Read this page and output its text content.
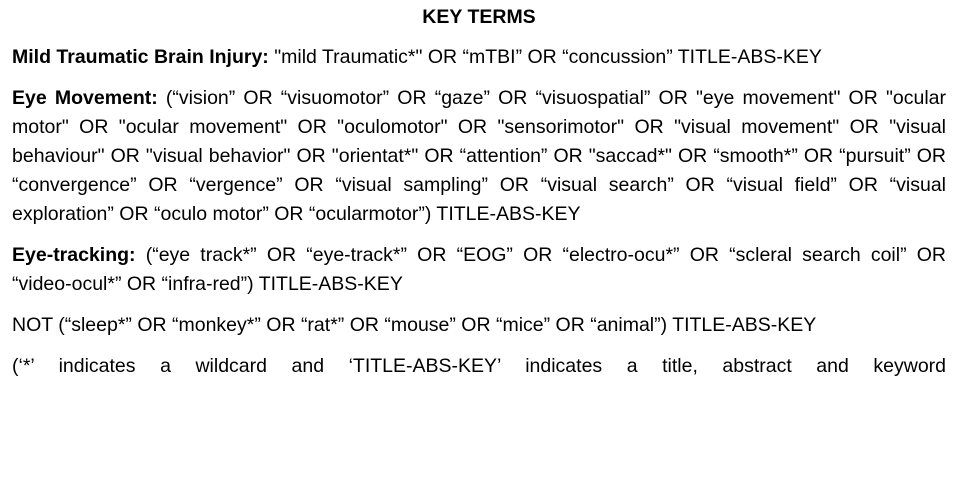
KEY TERMS

Mild Traumatic Brain Injury: "mild Traumatic*" OR “mTBI” OR “concussion” TITLE-ABS-KEY

Eye Movement: (“vision” OR “visuomotor” OR “gaze” OR “visuospatial” OR "eye movement" OR "ocular motor" OR "ocular movement" OR "oculomotor" OR "sensorimotor" OR "visual movement" OR "visual behaviour" OR "visual behavior" OR "orientat*" OR “attention” OR "saccad*" OR “smooth*” OR “pursuit” OR “convergence” OR “vergence” OR “visual sampling” OR “visual search” OR “visual field” OR “visual exploration” OR “oculo motor” OR “ocularmotor”) TITLE-ABS-KEY

Eye-tracking: (“eye track*” OR “eye-track*” OR “EOG” OR “electro-ocu*” OR “scleral search coil” OR “video-ocul*” OR “infra-red”) TITLE-ABS-KEY

NOT (“sleep*” OR “monkey*” OR “rat*” OR “mouse” OR “mice” OR “animal”) TITLE-ABS-KEY

(‘*’ indicates a wildcard and ‘TITLE-ABS-KEY’ indicates a title, abstract and keyword
